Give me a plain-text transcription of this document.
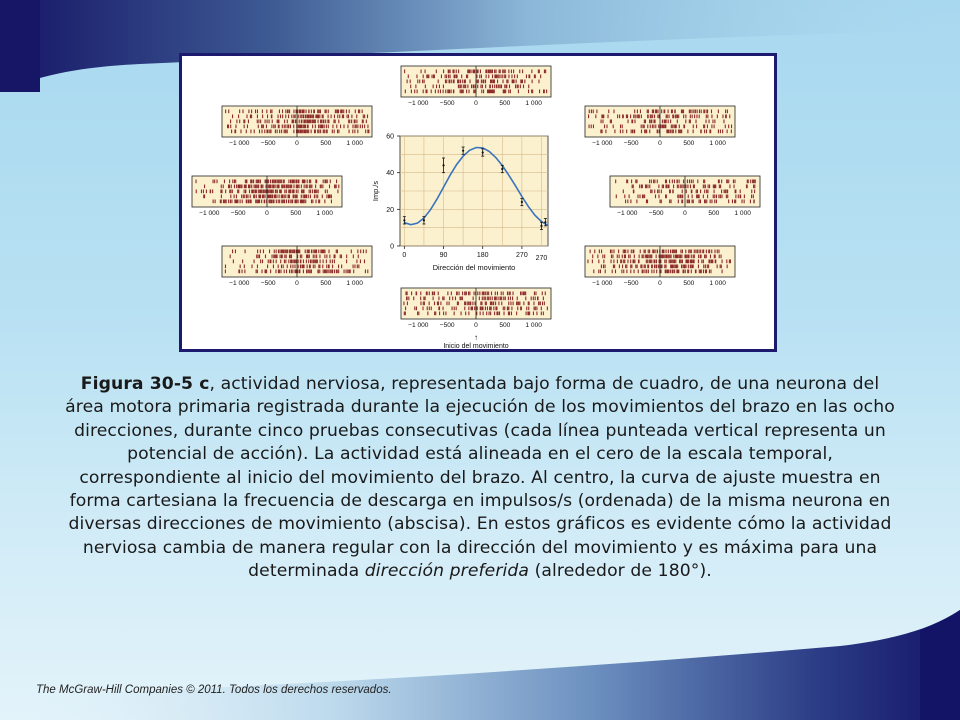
−1 000 −500	0	500 1 000
−1 000 −500	0	500 1 000	−1 000 −500	0	500 1 000
−1 000 −500	0	500 1 000	−1 000 −500	0	500 1 000
−1 000 −500	0	500 1 000	−1 000 −500	0	500 1 000
−1 000 −500	0	500 1 000
↑
Inicio del movimiento
0
20
40
60
0	90	180	270 270
Dirección del movimiento
Imp./s
Figura 30-5 c, actividad nerviosa, representada bajo forma de cuadro, de una neurona del área motora primaria registrada durante la ejecución de los movimientos del brazo en las ocho direcciones, durante cinco pruebas consecutivas (cada línea punteada vertical representa un potencial de acción). La actividad está alineada en el cero de la escala temporal, correspondiente al inicio del movimiento del brazo. Al centro, la curva de ajuste muestra en forma cartesiana la frecuencia de descarga en impulsos/s (ordenada) de la misma neurona en diversas direcciones de movimiento (abscisa). En estos gráficos es evidente cómo la actividad nerviosa cambia de manera regular con la dirección del movimiento y es máxima para una determinada dirección preferida (alrededor de 180°).
The McGraw-Hill Companies © 2011. Todos los derechos reservados.
